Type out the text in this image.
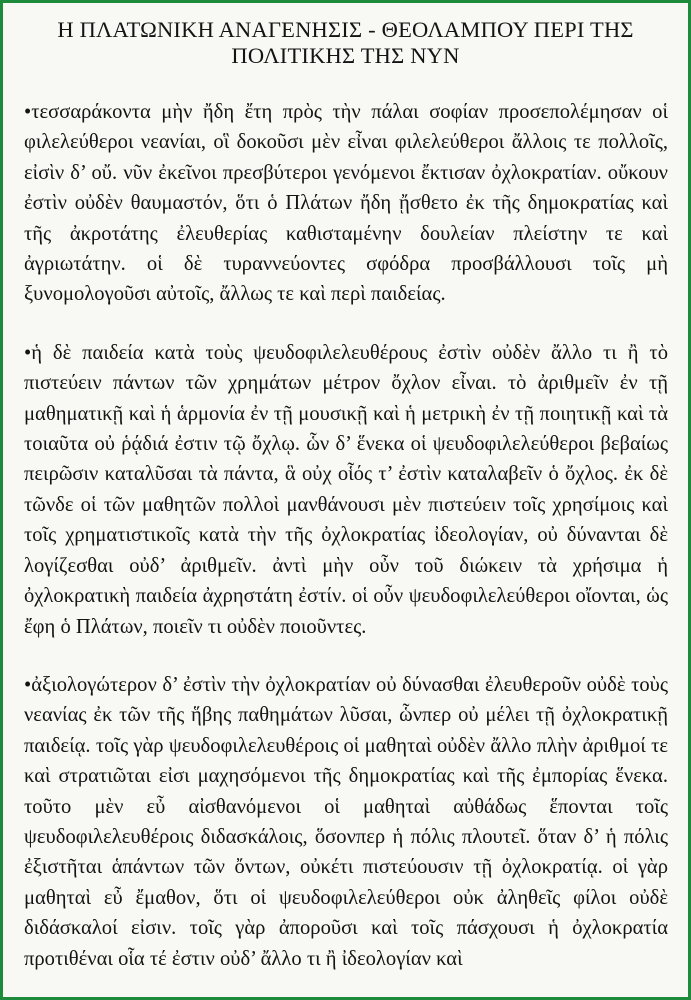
Η ΠΛΑΤΩΝΙΚΗ ΑΝΑΓΕΝΗΣΙΣ - ΘΕΟΛΑΜΠΟΥ ΠΕΡΙ ΤΗΣ
ΠΟΛΙΤΙΚΗΣ ΤΗΣ ΝΥΝ

•τεσσαράκοντα μὴν ἤδη ἔτη πρὸς τὴν πάλαι σοφίαν προσεπολέμησαν οἱ φιλελεύθεροι νεανίαι, οἳ δοκοῦσι μὲν εἶναι φιλελεύθεροι ἄλλοις τε πολλοῖς, εἰσὶν δ’ οὔ. νῦν ἐκεῖνοι πρεσβύτεροι γενόμενοι ἔκτισαν ὀχλοκρατίαν. οὔκουν ἐστὶν οὐδὲν θαυμαστόν, ὅτι ὁ Πλάτων ἤδη ᾔσθετο ἐκ τῆς δημοκρατίας καὶ τῆς ἀκροτάτης ἐλευθερίας καθισταμένην δουλείαν πλείστην τε καὶ ἀγριωτάτην. οἱ δὲ τυραννεύοντες σφόδρα προσβάλλουσι τοῖς μὴ ξυνομολογοῦσι αὐτοῖς, ἄλλως τε καὶ περὶ παιδείας.

•ἡ δὲ παιδεία κατὰ τοὺς ψευδοφιλελευθέρους ἐστὶν οὐδὲν ἄλλο τι ἢ τὸ πιστεύειν πάντων τῶν χρημάτων μέτρον ὄχλον εἶναι. τὸ ἀριθμεῖν ἐν τῇ μαθηματικῇ καὶ ἡ ἁρμονία ἐν τῇ μουσικῇ καὶ ἡ μετρικὴ ἐν τῇ ποιητικῇ καὶ τὰ τοιαῦτα οὐ ῥᾴδιά ἐστιν τῷ ὄχλῳ. ὧν δ’ ἕνεκα οἱ ψευδοφιλελεύθεροι βεβαίως πειρῶσιν καταλῦσαι τὰ πάντα, ἃ οὐχ οἷός τ’ ἐστὶν καταλαβεῖν ὁ ὄχλος. ἐκ δὲ τῶνδε οἱ τῶν μαθητῶν πολλοὶ μανθάνουσι μὲν πιστεύειν τοῖς χρησίμοις καὶ τοῖς χρηματιστικοῖς κατὰ τὴν τῆς ὀχλοκρατίας ἰδεολογίαν, οὐ δύνανται δὲ λογίζεσθαι οὐδ’ ἀριθμεῖν. ἀντὶ μὴν οὖν τοῦ διώκειν τὰ χρήσιμα ἡ ὀχλοκρατικὴ παιδεία ἀχρηστάτη ἐστίν. οἱ οὖν ψευδοφιλελεύθεροι οἴονται, ὡς ἔφη ὁ Πλάτων, ποιεῖν τι οὐδὲν ποιοῦντες.

•ἀξιολογώτερον δ’ ἐστὶν τὴν ὀχλοκρατίαν οὐ δύνασθαι ἐλευθεροῦν οὐδὲ τοὺς νεανίας ἐκ τῶν τῆς ἥβης παθημάτων λῦσαι, ὧνπερ οὐ μέλει τῇ ὀχλοκρατικῇ παιδείᾳ. τοῖς γὰρ ψευδοφιλελευθέροις οἱ μαθηταὶ οὐδὲν ἄλλο πλὴν ἀριθμοί τε καὶ στρατιῶται εἰσι μαχησόμενοι τῆς δημοκρατίας καὶ τῆς ἐμπορίας ἕνεκα. τοῦτο μὲν εὖ αἰσθανόμενοι οἱ μαθηταὶ αὐθάδως ἕπονται τοῖς ψευδοφιλελευθέροις διδασκάλοις, ὅσονπερ ἡ πόλις πλουτεῖ. ὅταν δ’ ἡ πόλις ἐξιστῆται ἁπάντων τῶν ὄντων, οὐκέτι πιστεύουσιν τῇ ὀχλοκρατίᾳ. οἱ γὰρ μαθηταὶ εὖ ἔμαθον, ὅτι οἱ ψευδοφιλελεύθεροι οὐκ ἀληθεῖς φίλοι οὐδὲ διδάσκαλοί εἰσιν. τοῖς γὰρ ἀποροῦσι καὶ τοῖς πάσχουσι ἡ ὀχλοκρατία προτιθέναι οἷα τέ ἐστιν οὐδ’ ἄλλο τι ἢ ἰδεολογίαν καὶ
